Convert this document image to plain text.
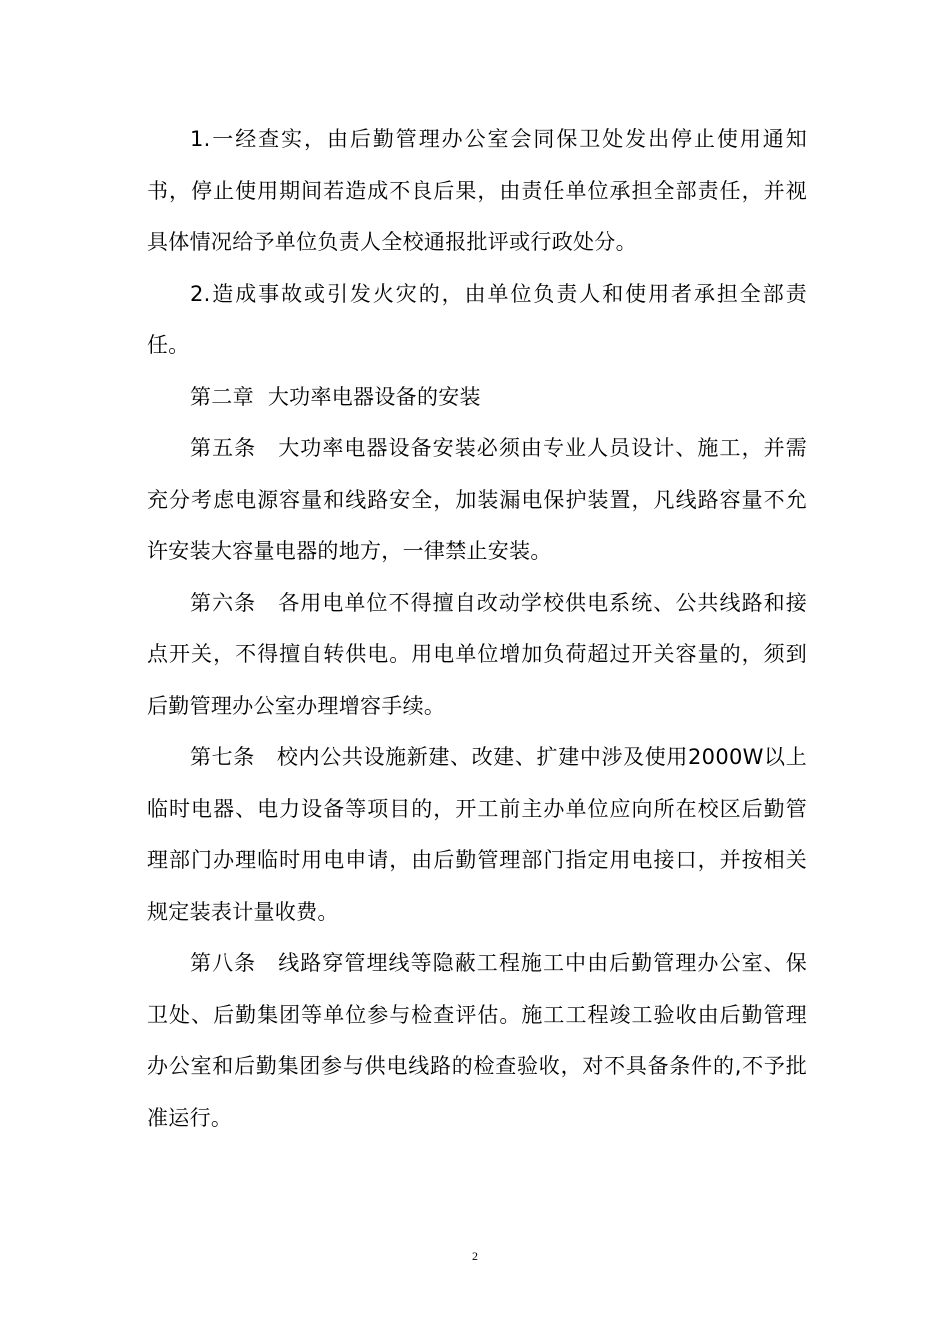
1.一经查实，由后勤管理办公室会同保卫处发出停止使用通知书，停止使用期间若造成不良后果，由责任单位承担全部责任，并视具体情况给予单位负责人全校通报批评或行政处分。

2.造成事故或引发火灾的，由单位负责人和使用者承担全部责任。

第二章  大功率电器设备的安装

第五条 大功率电器设备安装必须由专业人员设计、施工，并需充分考虑电源容量和线路安全，加装漏电保护装置，凡线路容量不允许安装大容量电器的地方，一律禁止安装。

第六条 各用电单位不得擅自改动学校供电系统、公共线路和接点开关，不得擅自转供电。用电单位增加负荷超过开关容量的，须到后勤管理办公室办理增容手续。

第七条 校内公共设施新建、改建、扩建中涉及使用2000W以上临时电器、电力设备等项目的，开工前主办单位应向所在校区后勤管理部门办理临时用电申请，由后勤管理部门指定用电接口，并按相关规定装表计量收费。

第八条 线路穿管埋线等隐蔽工程施工中由后勤管理办公室、保卫处、后勤集团等单位参与检查评估。施工工程竣工验收由后勤管理办公室和后勤集团参与供电线路的检查验收，对不具备条件的,不予批准运行。

2
